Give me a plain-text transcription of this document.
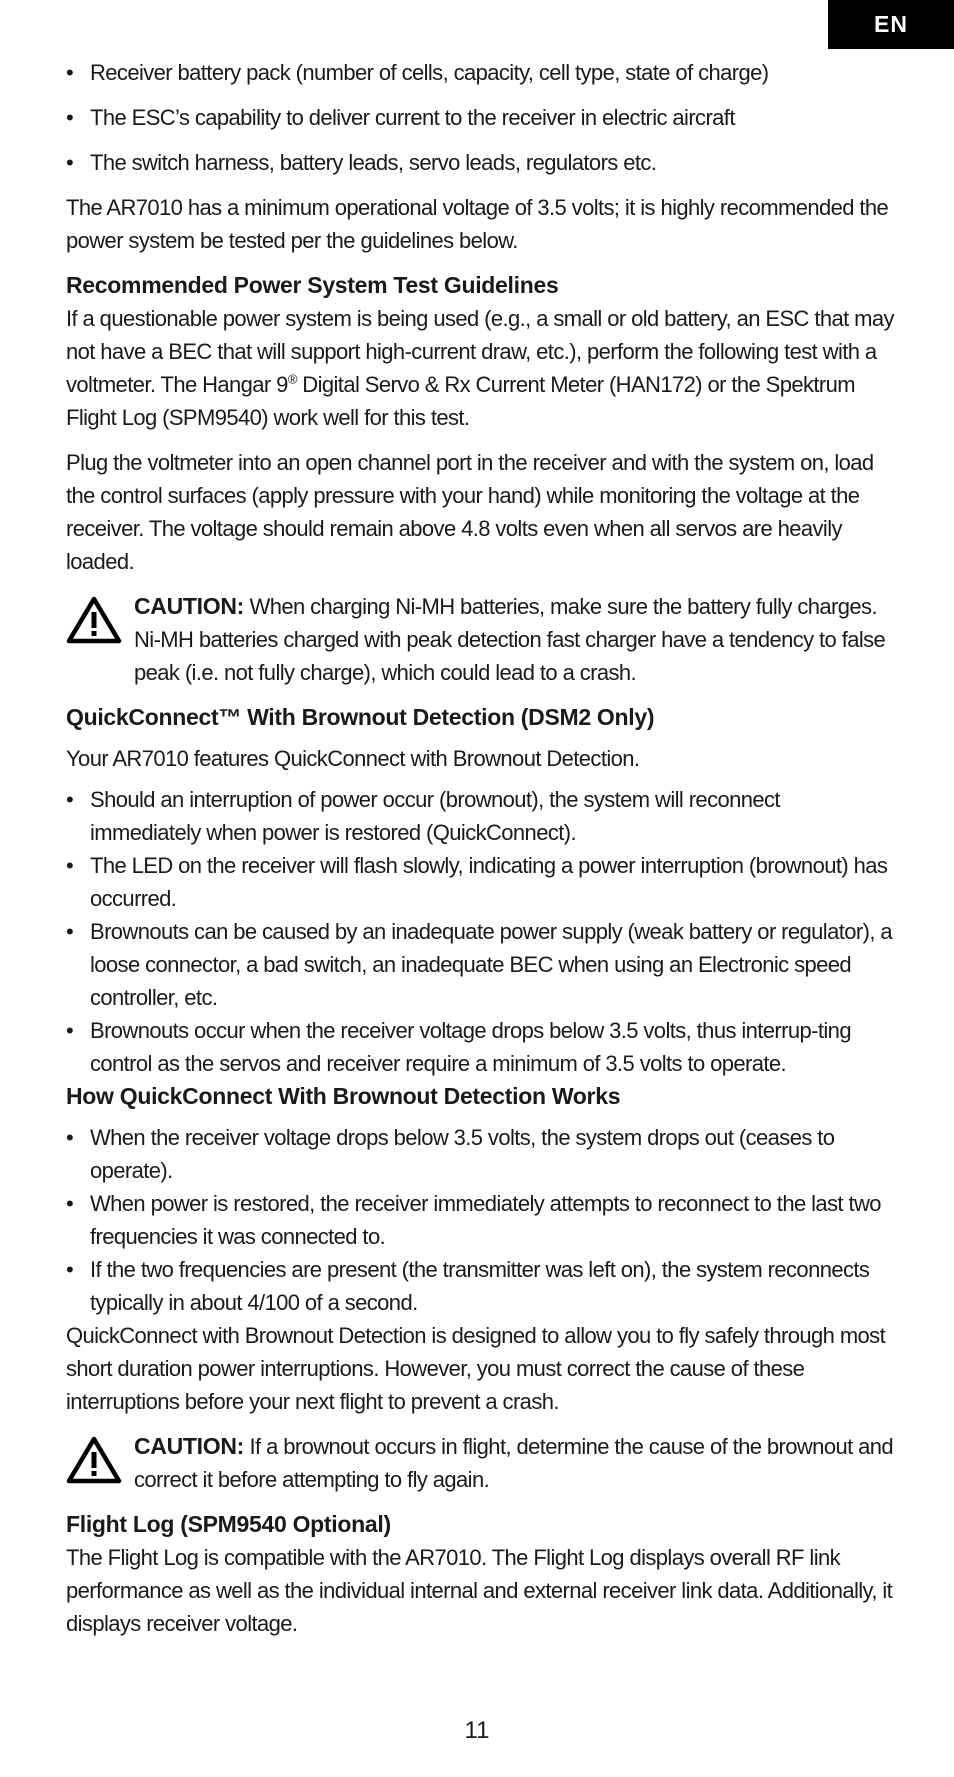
EN
• Receiver battery pack (number of cells, capacity, cell type, state of charge)
• The ESC’s capability to deliver current to the receiver in electric aircraft
• The switch harness, battery leads, servo leads, regulators etc.

The AR7010 has a minimum operational voltage of 3.5 volts; it is highly recommended the power system be tested per the guidelines below.

Recommended Power System Test Guidelines

If a questionable power system is being used (e.g., a small or old battery, an ESC that may not have a BEC that will support high-current draw, etc.), perform the following test with a voltmeter. The Hangar 9® Digital Servo & Rx Current Meter (HAN172) or the Spektrum Flight Log (SPM9540) work well for this test.

Plug the voltmeter into an open channel port in the receiver and with the system on, load the control surfaces (apply pressure with your hand) while monitoring the voltage at the receiver. The voltage should remain above 4.8 volts even when all servos are heavily loaded.

CAUTION: When charging Ni-MH batteries, make sure the battery fully charges. Ni-MH batteries charged with peak detection fast charger have a tendency to false peak (i.e. not fully charge), which could lead to a crash.
QuickConnect™ With Brownout Detection (DSM2 Only)

Your AR7010 features QuickConnect with Brownout Detection.

• Should an interruption of power occur (brownout), the system will reconnect immediately when power is restored (QuickConnect).
• The LED on the receiver will flash slowly, indicating a power interruption (brownout) has occurred.
• Brownouts can be caused by an inadequate power supply (weak battery or regulator), a loose connector, a bad switch, an inadequate BEC when using an Electronic speed controller, etc.
• Brownouts occur when the receiver voltage drops below 3.5 volts, thus interrup-ting control as the servos and receiver require a minimum of 3.5 volts to operate.
How QuickConnect With Brownout Detection Works
• When the receiver voltage drops below 3.5 volts, the system drops out (ceases to operate).
• When power is restored, the receiver immediately attempts to reconnect to the last two frequencies it was connected to.
• If the two frequencies are present (the transmitter was left on), the system reconnects typically in about 4/100 of a second.

QuickConnect with Brownout Detection is designed to allow you to fly safely through most short duration power interruptions. However, you must correct the cause of these interruptions before your next flight to prevent a crash.

CAUTION: If a brownout occurs in flight, determine the cause of the brownout and correct it before attempting to fly again.
Flight Log (SPM9540 Optional)

The Flight Log is compatible with the AR7010. The Flight Log displays overall RF link performance as well as the individual internal and external receiver link data. Additionally, it displays receiver voltage.

11
